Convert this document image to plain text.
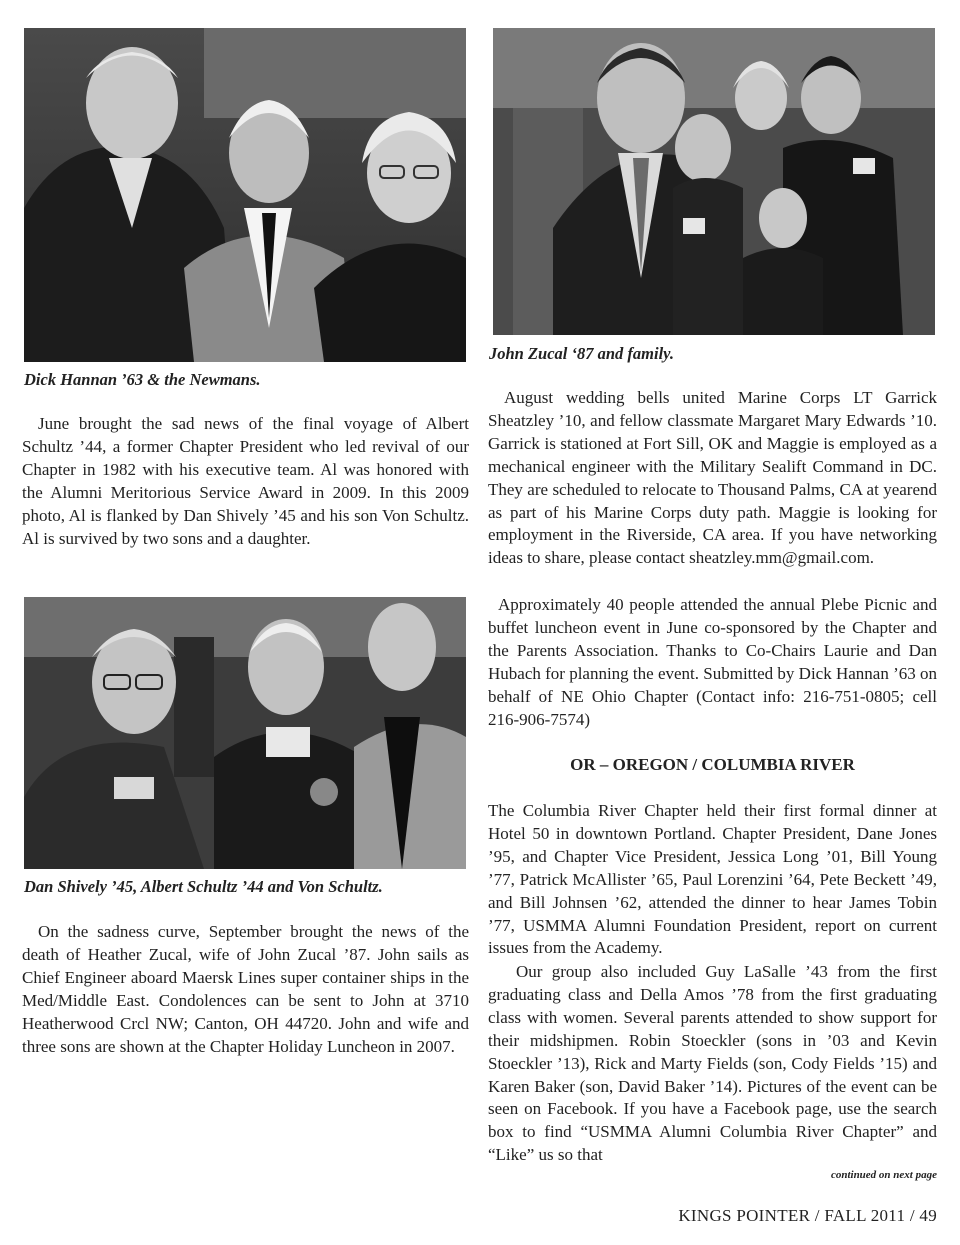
Dick Hannan ’63 & the Newmans.

June brought the sad news of the final voyage of Albert Schultz ’44, a former Chapter President who led revival of our Chapter in 1982 with his executive team. Al was honored with the Alumni Meritorious Service Award in 2009. In this 2009 photo, Al is flanked by Dan Shively ’45 and his son Von Schultz. Al is survived by two sons and a daughter.

Dan Shively ’45, Albert Schultz ’44 and Von Schultz.

On the sadness curve, September brought the news of the death of Heather Zucal, wife of John Zucal ’87. John sails as Chief Engineer aboard Maersk Lines super container ships in the Med/Middle East. Condolences can be sent to John at 3710 Heatherwood Crcl NW; Canton, OH 44720. John and wife and three sons are shown at the Chapter Holiday Luncheon in 2007.

John Zucal ‘87 and family.

August wedding bells united Marine Corps LT Garrick Sheatzley ’10, and fellow classmate Margaret Mary Edwards ’10. Garrick is stationed at Fort Sill, OK and Maggie is employed as a mechanical engineer with the Military Sealift Command in DC. They are scheduled to relocate to Thousand Palms, CA at yearend as part of his Marine Corps duty path. Maggie is looking for employment in the Riverside, CA area. If you have networking ideas to share, please contact sheatzley.mm@gmail.com.

Approximately 40 people attended the annual Plebe Picnic and buffet luncheon event in June co-sponsored by the Chapter and the Parents Association. Thanks to Co-Chairs Laurie and Dan Hubach for planning the event. Submitted by Dick Hannan ’63 on behalf of NE Ohio Chapter (Contact info: 216-751-0805; cell 216-906-7574)

OR – OREGON / COLUMBIA RIVER

The Columbia River Chapter held their first formal dinner at Hotel 50 in downtown Portland. Chapter President, Dane Jones ’95, and Chapter Vice President, Jessica Long ’01, Bill Young ’77, Patrick McAllister ’65, Paul Lorenzini ’64, Pete Beckett ’49, and Bill Johnsen ’62, attended the dinner to hear James Tobin ’77, USMMA Alumni Foundation President, report on current issues from the Academy.

Our group also included Guy LaSalle ’43 from the first graduating class and Della Amos ’78 from the first graduating class with women. Several parents attended to show support for their midshipmen. Robin Stoeckler (sons in ’03 and Kevin Stoeckler ’13), Rick and Marty Fields (son, Cody Fields ’15) and Karen Baker (son, David Baker ’14). Pictures of the event can be seen on Facebook. If you have a Facebook page, use the search box to find “USMMA Alumni Columbia River Chapter” and “Like” us so that

continued on next page

KINGS POINTER / FALL 2011 / 49
